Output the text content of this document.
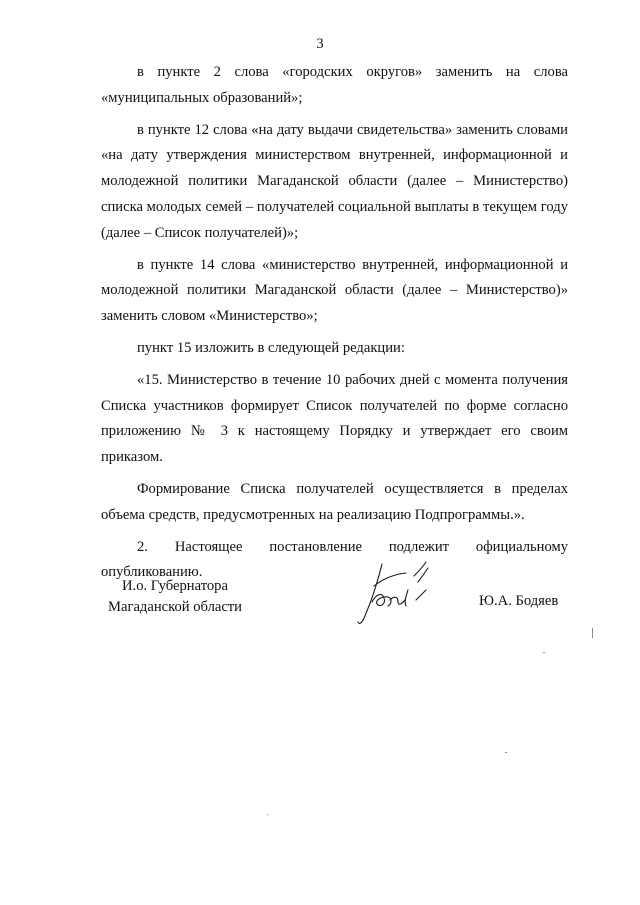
3

в пункте 2 слова «городских округов» заменить на слова «муниципальных образований»;

в пункте 12 слова «на дату выдачи свидетельства» заменить словами «на дату утверждения министерством внутренней, информационной и молодежной политики Магаданской области (далее – Министерство) списка молодых семей – получателей социальной выплаты в текущем году (далее – Список получателей)»;

в пункте 14 слова «министерство внутренней, информационной и молодежной политики Магаданской области (далее – Министерство)» заменить словом «Министерство»;

пункт 15 изложить в следующей редакции:

«15. Министерство в течение 10 рабочих дней с момента получения Списка участников формирует Список получателей по форме согласно приложению № 3 к настоящему Порядку и утверждает его своим приказом.

Формирование Списка получателей осуществляется в пределах объема средств, предусмотренных на реализацию Подпрограммы.».

2. Настоящее постановление подлежит официальному опубликованию.

И.о. Губернатора
Магаданской области	Ю.А. Бодяев
